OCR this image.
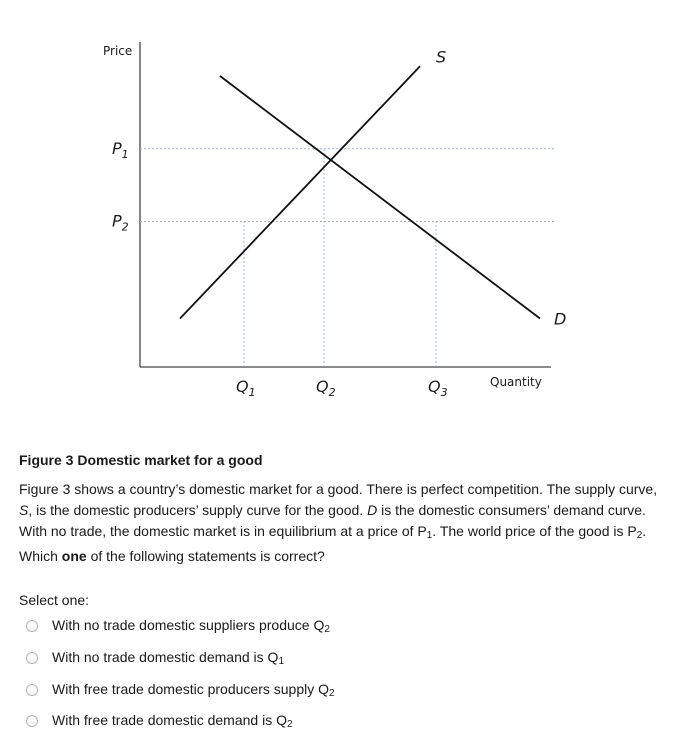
Price
Quantity
$P_1$
$P_2$
$Q_1$	$Q_2$	$Q_3$
S
D
Figure 3 Domestic market for a good

Figure 3 shows a country’s domestic market for a good. There is perfect competition. The supply curve, S, is the domestic producers’ supply curve for the good. D is the domestic consumers’ demand curve. With no trade, the domestic market is in equilibrium at a price of $P_1$. The world price of the good is $P_2$.

Which one of the following statements is correct?

Select one:
With no trade domestic suppliers produce $Q_2$
With no trade domestic demand is $Q_1$
With free trade domestic producers supply $Q_2$
With free trade domestic demand is $Q_2$
